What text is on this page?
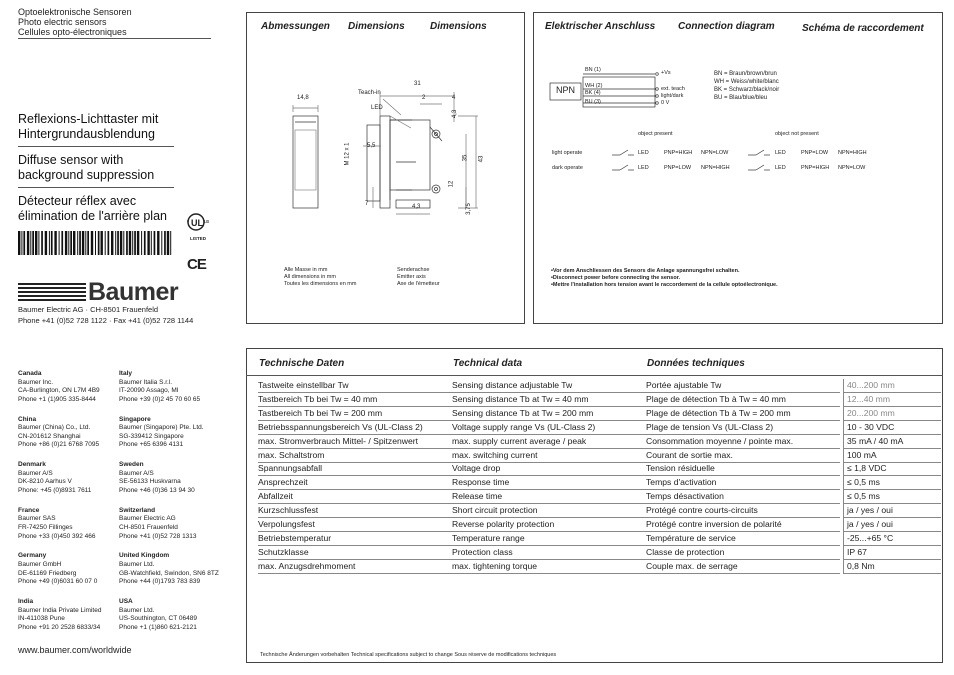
Optoelektronische Sensoren
Photo electric sensors
Cellules opto-électroniques
Reflexions-Lichttaster mit
Hintergrundausblendung
Diffuse sensor with
background suppression
Détecteur réflex avec
élimination de l'arrière plan	UL us
c
LISTED
CE
Baumer
Baumer Electric AG · CH-8501 Frauenfeld
Phone +41 (0)52 728 1122 · Fax +41 (0)52 728 1144
Canada
Baumer Inc.
CA-Burlington, ON L7M 4B9
Phone +1 (1)905 335-8444
Italy
Baumer Italia S.r.l.
IT-20090 Assago, MI
Phone +39 (0)2 45 70 60 65
China
Baumer (China) Co., Ltd.
CN-201612 Shanghai
Phone +86 (0)21 6768 7095
Singapore
Baumer (Singapore) Pte. Ltd.
SG-339412 Singapore
Phone +65 6396 4131
Denmark
Baumer A/S
DK-8210 Aarhus V
Phone: +45 (0)8931 7611
Sweden
Baumer A/S
SE-56133 Huskvarna
Phone +46 (0)36 13 94 30
France
Baumer SAS
FR-74250 Fillinges
Phone +33 (0)450 392 466
Switzerland
Baumer Electric AG
CH-8501 Frauenfeld
Phone +41 (0)52 728 1313
Germany
Baumer GmbH
DE-61169 Friedberg
Phone +49 (0)6031 60 07 0
United Kingdom
Baumer Ltd.
GB-Watchfield, Swindon, SN6 8TZ
Phone +44 (0)1793 783 839
India
Baumer India Private Limited
IN-411038 Pune
Phone +91 20 2528 6833/34
USA
Baumer Ltd.
US-Southington, CT 06489
Phone +1 (1)860 621-2121
www.baumer.com/worldwide
Abmessungen Dimensions	Dimensions
14,8
Teach-in
LED
31
2	4
4,3
M 12 x 1	5,5
35 43
12
7	4,3	3,75
Alle Masse in mm
All dimensions in mm
Toutes les dimensions en mm
Senderachse
Emitter axis
Axe de l'émetteur
Elektrischer Anschluss Connection diagram	Schéma de raccordement
NPN
BN (1)
WH (2)
BK (4)
BU (3)
+Vs
ext. teach
light/dark
0 V
BN = Braun/brown/brun
WH = Weiss/white/blanc
BK = Schwarz/black/noir
BU = Blau/blue/bleu
object present	object not present
light operate
dark operate
LED	PNP=HIGH NPN=LOW	LED	PNP=LOW NPN=HIGH
LED	PNP=LOW NPN=HIGH	LED	PNP=HIGH NPN=LOW
•Vor dem Anschliessen des Sensors die Anlage spannungsfrei schalten.
•Disconnect power before connecting the sensor.
•Mettre l'installation hors tension avant le raccordement de la cellule optoélectronique.
Technische Daten	Technical data	Données techniques
Tastweite einstellbar Tw	Sensing distance adjustable Tw	Portée ajustable Tw	40...200 mm
Tastbereich Tb bei Tw = 40 mm	Sensing distance Tb at Tw = 40 mm	Plage de détection Tb à Tw = 40 mm	12...40 mm
Tastbereich Tb bei Tw = 200 mm	Sensing distance Tb at Tw = 200 mm	Plage de détection Tb à Tw = 200 mm	20...200 mm
Betriebsspannungsbereich Vs (UL-Class 2)	Voltage supply range Vs (UL-Class 2)	Plage de tension Vs (UL-Class 2)	10 - 30 VDC
max. Stromverbrauch Mittel- / Spitzenwert	max. supply current average / peak	Consommation moyenne / pointe max.	35 mA / 40 mA
max. Schaltstrom	max. switching current	Courant de sortie max.	100 mA
Spannungsabfall	Voltage drop	Tension résiduelle	≤ 1,8 VDC
Ansprechzeit	Response time	Temps d'activation	≤ 0,5 ms
Abfallzeit	Release time	Temps désactivation	≤ 0,5 ms
Kurzschlussfest	Short circuit protection	Protégé contre courts-circuits	ja / yes / oui
Verpolungsfest	Reverse polarity protection	Protégé contre inversion de polarité	ja / yes / oui
Betriebstemperatur	Temperature range	Température de service	-25...+65 °C
Schutzklasse	Protection class	Classe de protection	IP 67
max. Anzugsdrehmoment	max. tightening torque	Couple max. de serrage	0,8 Nm
Technische Änderungen vorbehalten Technical specifications subject to change Sous réserve de modifications techniques
